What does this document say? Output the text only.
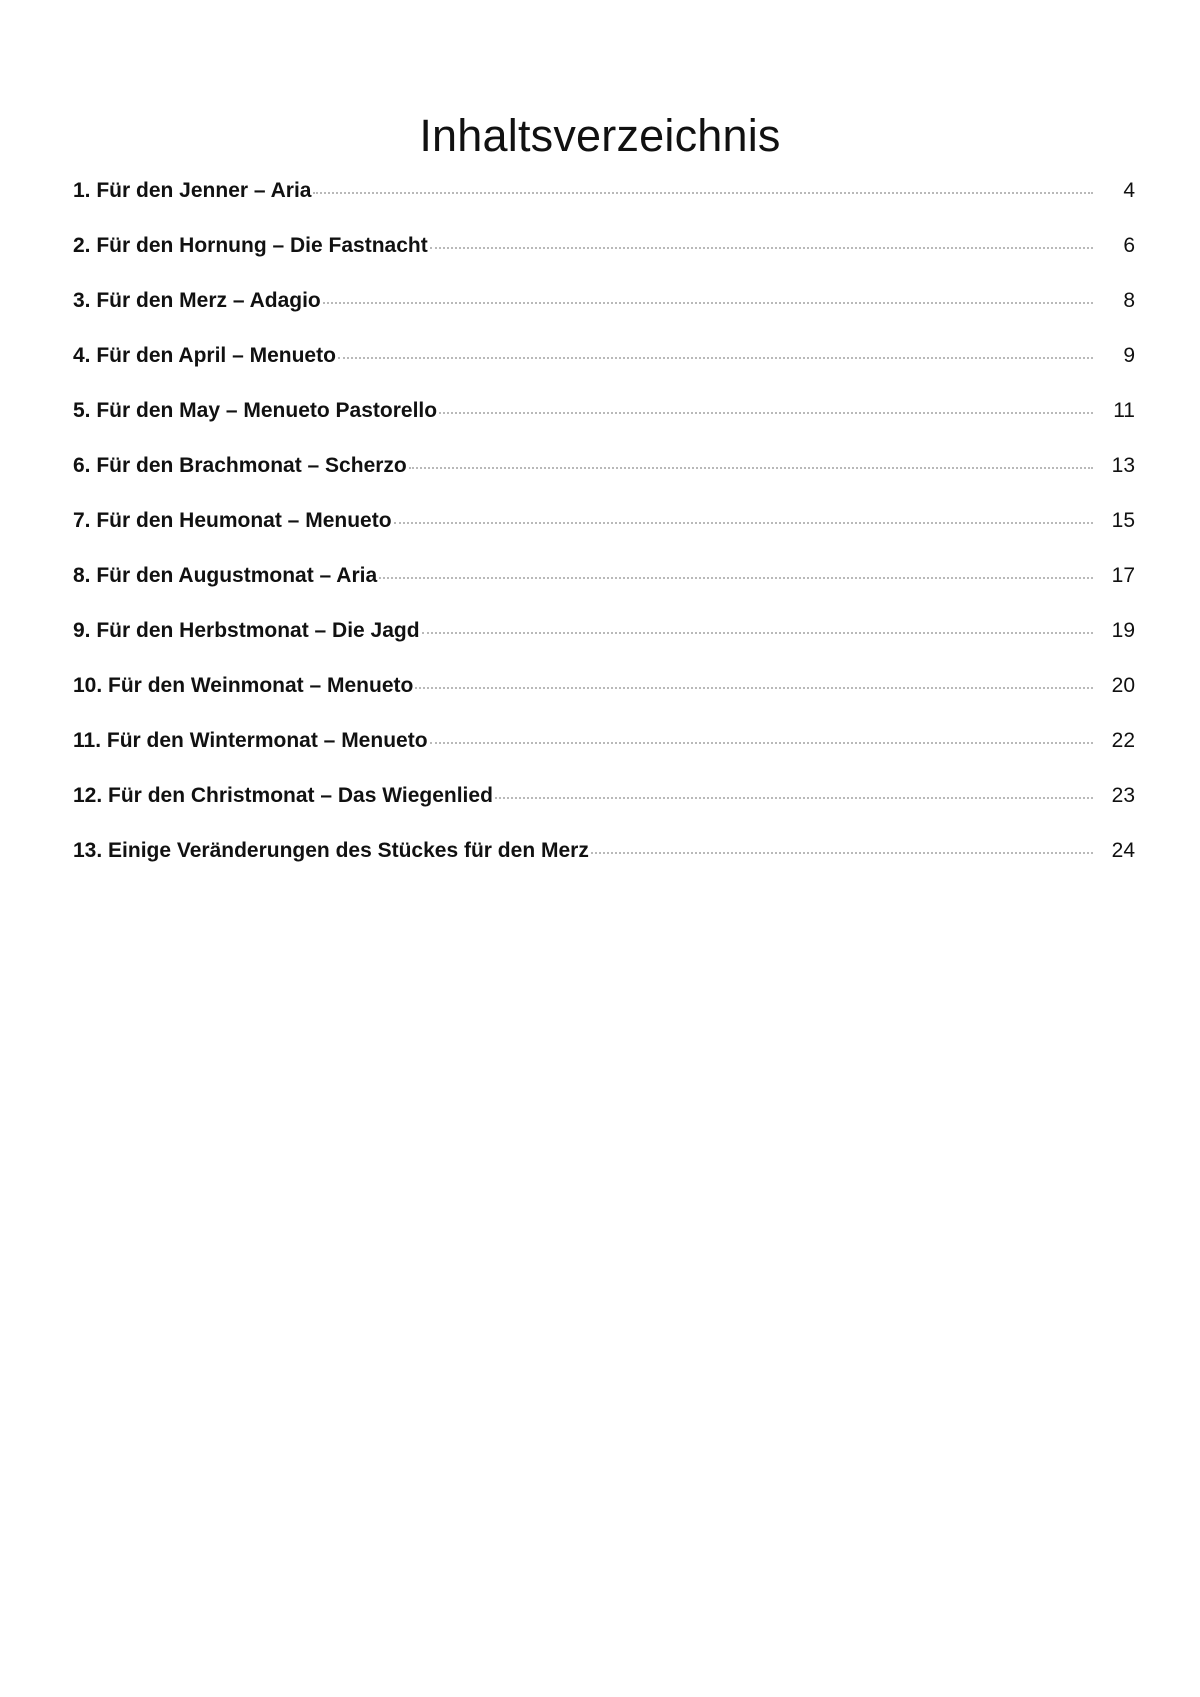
Inhaltsverzeichnis
1. Für den Jenner – Aria	4
2. Für den Hornung – Die Fastnacht	6
3. Für den Merz – Adagio	8
4. Für den April – Menueto	9
5. Für den May – Menueto Pastorello	11
6. Für den Brachmonat – Scherzo	13
7. Für den Heumonat – Menueto	15
8. Für den Augustmonat – Aria	17
9. Für den Herbstmonat – Die Jagd	19
10. Für den Weinmonat – Menueto	20
11. Für den Wintermonat – Menueto	22
12. Für den Christmonat – Das Wiegenlied	23
13. Einige Veränderungen des Stückes für den Merz	24
